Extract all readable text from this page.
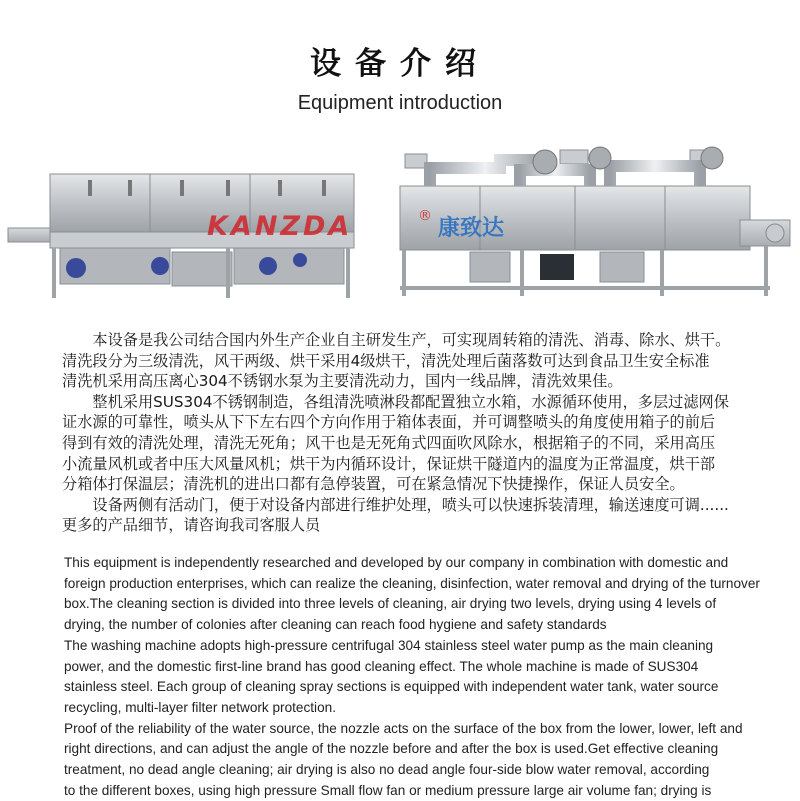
设备介绍
Equipment introduction
KANZDA	® 康致达

本设备是我公司结合国内外生产企业自主研发生产，可实现周转箱的清洗、消毒、除水、烘干。

清洗段分为三级清洗，风干两级、烘干采用4级烘干，清洗处理后菌落数可达到食品卫生安全标准

清洗机采用高压离心304不锈钢水泵为主要清洗动力，国内一线品牌，清洗效果佳。

整机采用SUS304不锈钢制造，各组清洗喷淋段都配置独立水箱，水源循环使用，多层过滤网保

证水源的可靠性，喷头从下下左右四个方向作用于箱体表面，并可调整喷头的角度使用箱子的前后

得到有效的清洗处理，清洗无死角；风干也是无死角式四面吹风除水，根据箱子的不同，采用高压

小流量风机或者中压大风量风机；烘干为内循环设计，保证烘干隧道内的温度为正常温度，烘干部

分箱体打保温层；清洗机的进出口都有急停装置，可在紧急情况下快捷操作，保证人员安全。

设备两侧有活动门，便于对设备内部进行维护处理，喷头可以快速拆装清理，输送速度可调......

更多的产品细节，请咨询我司客服人员

This equipment is independently researched and developed by our company in combination with domestic and

foreign production enterprises, which can realize the cleaning, disinfection, water removal and drying of the turnover

box.The cleaning section is divided into three levels of cleaning, air drying two levels, drying using 4 levels of

drying, the number of colonies after cleaning can reach food hygiene and safety standards

The washing machine adopts high-pressure centrifugal 304 stainless steel water pump as the main cleaning

power, and the domestic first-line brand has good cleaning effect. The whole machine is made of SUS304

stainless steel. Each group of cleaning spray sections is equipped with independent water tank, water source

recycling, multi-layer filter network protection.

Proof of the reliability of the water source, the nozzle acts on the surface of the box from the lower, lower, left and

right directions, and can adjust the angle of the nozzle before and after the box is used.Get effective cleaning

treatment, no dead angle cleaning; air drying is also no dead angle four-side blow water removal, according

to the different boxes, using high pressure Small flow fan or medium pressure large air volume fan; drying is
